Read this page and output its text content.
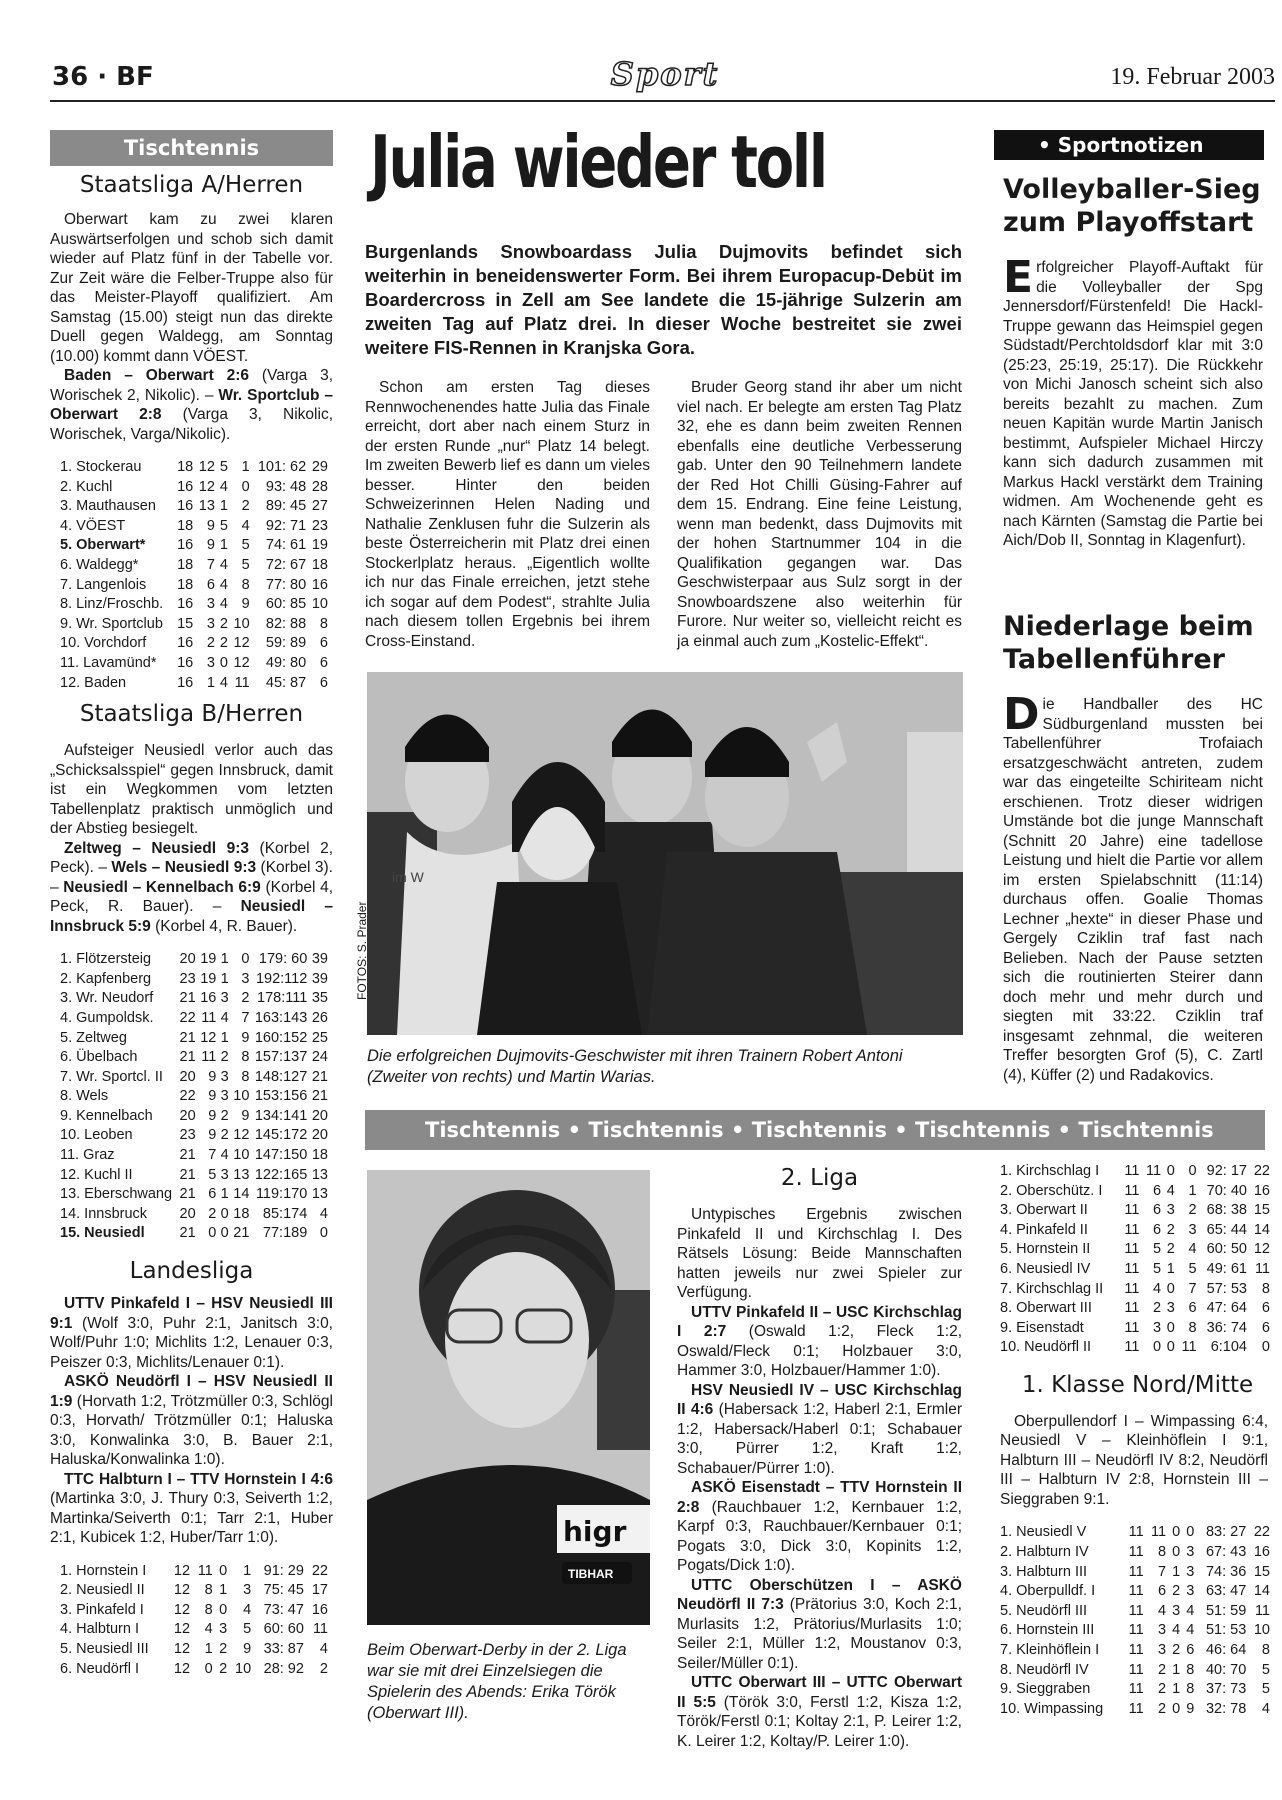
36 · BF	Sport	19. Februar 2003
Tischtennis
Staatsliga A/Herren

Oberwart kam zu zwei klaren Auswärtserfolgen und schob sich damit wieder auf Platz fünf in der Tabelle vor. Zur Zeit wäre die Felber-Truppe also für das Meister-Playoff qualifiziert. Am Samstag (15.00) steigt nun das direkte Duell gegen Waldegg, am Sonntag (10.00) kommt dann VÖEST.

Baden – Oberwart 2:6 (Varga 3, Worischek 2, Nikolic). – Wr. Sportclub – Oberwart 2:8 (Varga 3, Nikolic, Worischek, Varga/Nikolic).

1. Stockerau	18	12	5	1	101: 62	29
2. Kuchl	16	12	4	0	93: 48	28
3. Mauthausen	16	13	1	2	89: 45	27
4. VÖEST	18	9	5	4	92: 71	23
5. Oberwart*	16	9	1	5	74: 61	19
6. Waldegg*	18	7	4	5	72: 67	18
7. Langenlois	18	6	4	8	77: 80	16
8. Linz/Froschb.	16	3	4	9	60: 85	10
9. Wr. Sportclub	15	3	2	10	82: 88	8
10. Vorchdorf	16	2	2	12	59: 89	6
11. Lavamünd*	16	3	0	12	49: 80	6
12. Baden	16	1	4	11	45: 87	6
Staatsliga B/Herren

Aufsteiger Neusiedl verlor auch das „Schicksalsspiel“ gegen Innsbruck, damit ist ein Wegkommen vom letzten Tabellenplatz praktisch unmöglich und der Abstieg besiegelt.

Zeltweg – Neusiedl 9:3 (Korbel 2, Peck). – Wels – Neusiedl 9:3 (Korbel 3). – Neusiedl – Kennelbach 6:9 (Korbel 4, Peck, R. Bauer). – Neusiedl – Innsbruck 5:9 (Korbel 4, R. Bauer).

1. Flötzersteig	20	19	1	0	179: 60	39
2. Kapfenberg	23	19	1	3	192:112	39
3. Wr. Neudorf	21	16	3	2	178:111	35
4. Gumpoldsk.	22	11	4	7	163:143	26
5. Zeltweg	21	12	1	9	160:152	25
6. Übelbach	21	11	2	8	157:137	24
7. Wr. Sportcl. II	20	9	3	8	148:127	21
8. Wels	22	9	3	10	153:156	21
9. Kennelbach	20	9	2	9	134:141	20
10. Leoben	23	9	2	12	145:172	20
11. Graz	21	7	4	10	147:150	18
12. Kuchl II	21	5	3	13	122:165	13
13. Eberschwang	21	6	1	14	119:170	13
14. Innsbruck	20	2	0	18	85:174	4
15. Neusiedl	21	0	0	21	77:189	0
Landesliga

UTTV Pinkafeld I – HSV Neusiedl III 9:1 (Wolf 3:0, Puhr 2:1, Janitsch 3:0, Wolf/Puhr 1:0; Michlits 1:2, Lenauer 0:3, Peiszer 0:3, Michlits/Lenauer 0:1).

ASKÖ Neudörfl I – HSV Neusiedl II 1:9 (Horvath 1:2, Trötzmüller 0:3, Schlögl 0:3, Horvath/ Trötzmüller 0:1; Haluska 3:0, Konwalinka 3:0, B. Bauer 2:1, Haluska/Konwalinka 1:0).

TTC Halbturn I – TTV Hornstein I 4:6 (Martinka 3:0, J. Thury 0:3, Seiverth 1:2, Martinka/Seiverth 0:1; Tarr 2:1, Huber 2:1, Kubicek 1:2, Huber/Tarr 1:0).

1. Hornstein I	12	11	0	1	91: 29	22
2. Neusiedl II	12	8	1	3	75: 45	17
3. Pinkafeld I	12	8	0	4	73: 47	16
4. Halbturn I	12	4	3	5	60: 60	11
5. Neusiedl III	12	1	2	9	33: 87	4
6. Neudörfl I	12	0	2	10	28: 92	2
Julia wieder toll

Burgenlands Snowboardass Julia Dujmovits befindet sich weiterhin in beneidenswerter Form. Bei ihrem Europacup-Debüt im Boardercross in Zell am See landete die 15-jährige Sulzerin am zweiten Tag auf Platz drei. In dieser Woche bestreitet sie zwei weitere FIS-Rennen in Kranjska Gora.

Schon am ersten Tag dieses Rennwochenendes hatte Julia das Finale erreicht, dort aber nach einem Sturz in der ersten Runde „nur“ Platz 14 belegt. Im zweiten Bewerb lief es dann um vieles besser. Hinter den beiden Schweizerinnen Helen Nading und Nathalie Zenklusen fuhr die Sulzerin als beste Österreicherin mit Platz drei einen Stockerlplatz heraus. „Eigentlich wollte ich nur das Finale erreichen, jetzt stehe ich sogar auf dem Podest“, strahlte Julia nach diesem tollen Ergebnis bei ihrem Cross-Einstand.

Bruder Georg stand ihr aber um nicht viel nach. Er belegte am ersten Tag Platz 32, ehe es dann beim zweiten Rennen ebenfalls eine deutliche Verbesserung gab. Unter den 90 Teilnehmern landete der Red Hot Chilli Güsing-Fahrer auf dem 15. Endrang. Eine feine Leistung, wenn man bedenkt, dass Dujmovits mit der hohen Startnummer 104 in die Qualifikation gegangen war. Das Geschwisterpaar aus Sulz sorgt in der Snowboardszene also weiterhin für Furore. Nur weiter so, vielleicht reicht es ja einmal auch zum „Kostelic-Effekt“.

im W
FOTOS: S. Prader

Die erfolgreichen Dujmovits-Geschwister mit ihren Trainern Robert Antoni (Zweiter von rechts) und Martin Warias.

• Sportnotizen
Volleyballer-Sieg zum Playoffstart
Erfolgreicher Playoff-Auftakt für die Volleyballer der Spg Jennersdorf/Fürstenfeld! Die Hackl-Truppe gewann das Heimspiel gegen Südstadt/Perchtoldsdorf klar mit 3:0 (25:23, 25:19, 25:17). Die Rückkehr von Michi Janosch scheint sich also bereits bezahlt zu machen. Zum neuen Kapitän wurde Martin Janisch bestimmt, Aufspieler Michael Hirczy kann sich dadurch zusammen mit Markus Hackl verstärkt dem Training widmen. Am Wochenende geht es nach Kärnten (Samstag die Partie bei Aich/Dob II, Sonntag in Klagenfurt).
Niederlage beim Tabellenführer
Die Handballer des HC Südburgenland mussten bei Tabellenführer Trofaiach ersatzgeschwächt antreten, zudem war das eingeteilte Schiriteam nicht erschienen. Trotz dieser widrigen Umstände bot die junge Mannschaft (Schnitt 20 Jahre) eine tadellose Leistung und hielt die Partie vor allem im ersten Spielabschnitt (11:14) durchaus offen. Goalie Thomas Lechner „hexte“ in dieser Phase und Gergely Cziklin traf fast nach Belieben. Nach der Pause setzten sich die routinierten Steirer dann doch mehr und mehr durch und siegten mit 33:22. Cziklin traf insgesamt zehnmal, die weiteren Treffer besorgten Grof (5), C. Zartl (4), Küffer (2) und Radakovics.
Tischtennis • Tischtennis • Tischtennis • Tischtennis • Tischtennis
higr
TIBHAR

Beim Oberwart-Derby in der 2. Liga war sie mit drei Einzelsiegen die Spielerin des Abends: Erika Török (Oberwart III).

2. Liga

Untypisches Ergebnis zwischen Pinkafeld II und Kirchschlag I. Des Rätsels Lösung: Beide Mannschaften hatten jeweils nur zwei Spieler zur Verfügung.

UTTV Pinkafeld II – USC Kirchschlag I 2:7 (Oswald 1:2, Fleck 1:2, Oswald/Fleck 0:1; Holzbauer 3:0, Hammer 3:0, Holzbauer/Hammer 1:0).

HSV Neusiedl IV – USC Kirchschlag II 4:6 (Habersack 1:2, Haberl 2:1, Ermler 1:2, Habersack/Haberl 0:1; Schabauer 3:0, Pürrer 1:2, Kraft 1:2, Schabauer/Pürrer 1:0).

ASKÖ Eisenstadt – TTV Hornstein II 2:8 (Rauchbauer 1:2, Kernbauer 1:2, Karpf 0:3, Rauchbauer/Kernbauer 0:1; Pogats 3:0, Dick 3:0, Kopinits 1:2, Pogats/Dick 1:0).

UTTC Oberschützen I – ASKÖ Neudörfl II 7:3 (Prätorius 3:0, Koch 2:1, Murlasits 1:2, Prätorius/Murlasits 1:0; Seiler 2:1, Müller 1:2, Moustanov 0:3, Seiler/Müller 0:1).

UTTC Oberwart III – UTTC Oberwart II 5:5 (Török 3:0, Ferstl 1:2, Kisza 1:2, Török/Ferstl 0:1; Koltay 2:1, P. Leirer 1:2, K. Leirer 1:2, Koltay/P. Leirer 1:0).

1. Kirchschlag I	11	11	0	0	92: 17	22
2. Oberschütz. I	11	6	4	1	70: 40	16
3. Oberwart II	11	6	3	2	68: 38	15
4. Pinkafeld II	11	6	2	3	65: 44	14
5. Hornstein II	11	5	2	4	60: 50	12
6. Neusiedl IV	11	5	1	5	49: 61	11
7. Kirchschlag II	11	4	0	7	57: 53	8
8. Oberwart III	11	2	3	6	47: 64	6
9. Eisenstadt	11	3	0	8	36: 74	6
10. Neudörfl II	11	0	0	11	6:104	0
1. Klasse Nord/Mitte

Oberpullendorf I – Wimpassing 6:4, Neusiedl V – Kleinhöflein I 9:1, Halbturn III – Neudörfl IV 8:2, Neudörfl III – Halbturn IV 2:8, Hornstein III – Sieggraben 9:1.

1. Neusiedl V	11	11	0	0	83: 27	22
2. Halbturn IV	11	8	0	3	67: 43	16
3. Halbturn III	11	7	1	3	74: 36	15
4. Oberpulldf. I	11	6	2	3	63: 47	14
5. Neudörfl III	11	4	3	4	51: 59	11
6. Hornstein III	11	3	4	4	51: 53	10
7. Kleinhöflein I	11	3	2	6	46: 64	8
8. Neudörfl IV	11	2	1	8	40: 70	5
9. Sieggraben	11	2	1	8	37: 73	5
10. Wimpassing	11	2	0	9	32: 78	4
